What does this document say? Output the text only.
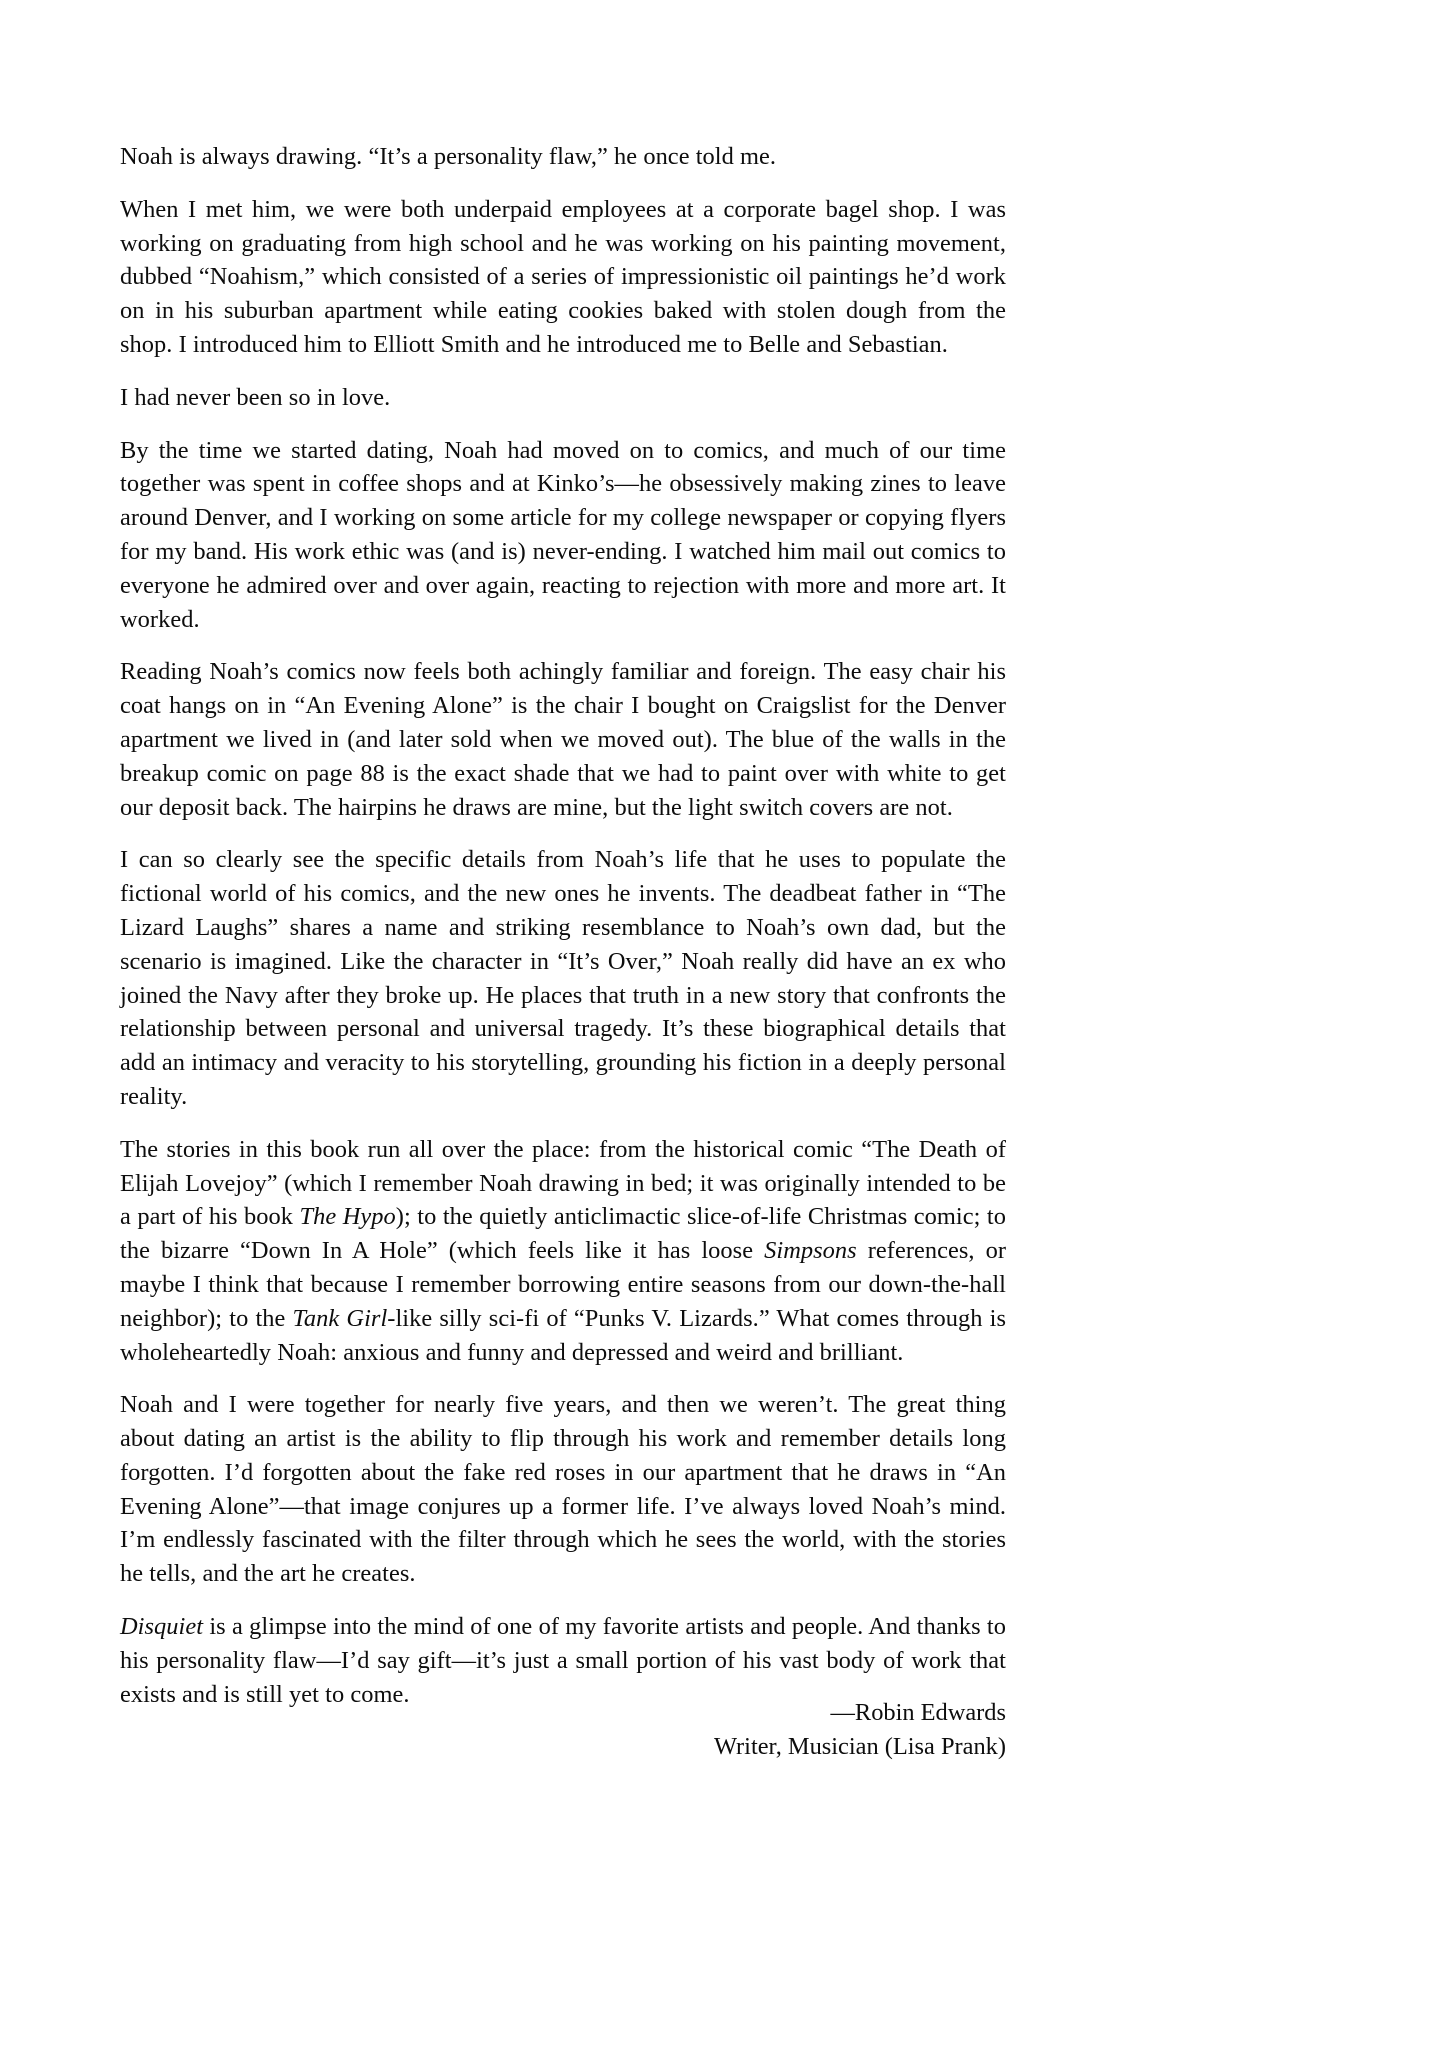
Noah is always drawing. “It’s a personality flaw,” he once told me.

When I met him, we were both underpaid employees at a corporate bagel shop. I was working on graduating from high school and he was working on his painting movement, dubbed “Noahism,” which consisted of a series of impressionistic oil paintings he’d work on in his suburban apartment while eating cookies baked with stolen dough from the shop. I introduced him to Elliott Smith and he introduced me to Belle and Sebastian.

I had never been so in love.

By the time we started dating, Noah had moved on to comics, and much of our time together was spent in coffee shops and at Kinko’s—he obsessively making zines to leave around Denver, and I working on some article for my college newspaper or copying flyers for my band. His work ethic was (and is) never-ending. I watched him mail out comics to everyone he admired over and over again, reacting to rejection with more and more art. It worked.

Reading Noah’s comics now feels both achingly familiar and foreign. The easy chair his coat hangs on in “An Evening Alone” is the chair I bought on Craigslist for the Denver apartment we lived in (and later sold when we moved out). The blue of the walls in the breakup comic on page 88 is the exact shade that we had to paint over with white to get our deposit back. The hairpins he draws are mine, but the light switch covers are not.

I can so clearly see the specific details from Noah’s life that he uses to populate the fictional world of his comics, and the new ones he invents. The deadbeat father in “The Lizard Laughs” shares a name and striking resemblance to Noah’s own dad, but the scenario is imagined. Like the character in “It’s Over,” Noah really did have an ex who joined the Navy after they broke up. He places that truth in a new story that confronts the relationship between personal and universal tragedy. It’s these biographical details that add an intimacy and veracity to his storytelling, grounding his fiction in a deeply personal reality.

The stories in this book run all over the place: from the historical comic “The Death of Elijah Lovejoy” (which I remember Noah drawing in bed; it was originally intended to be a part of his book The Hypo); to the quietly anticlimactic slice-of-life Christmas comic; to the bizarre “Down In A Hole” (which feels like it has loose Simpsons references, or maybe I think that because I remember borrowing entire seasons from our down-the-hall neighbor); to the Tank Girl-like silly sci-fi of “Punks V. Lizards.” What comes through is wholeheartedly Noah: anxious and funny and depressed and weird and brilliant.

Noah and I were together for nearly five years, and then we weren’t. The great thing about dating an artist is the ability to flip through his work and remember details long forgotten. I’d forgotten about the fake red roses in our apartment that he draws in “An Evening Alone”—that image conjures up a former life. I’ve always loved Noah’s mind. I’m endlessly fascinated with the filter through which he sees the world, with the stories he tells, and the art he creates.

Disquiet is a glimpse into the mind of one of my favorite artists and people. And thanks to his personality flaw—I’d say gift—it’s just a small portion of his vast body of work that exists and is still yet to come.

—Robin Edwards
Writer, Musician (Lisa Prank)
